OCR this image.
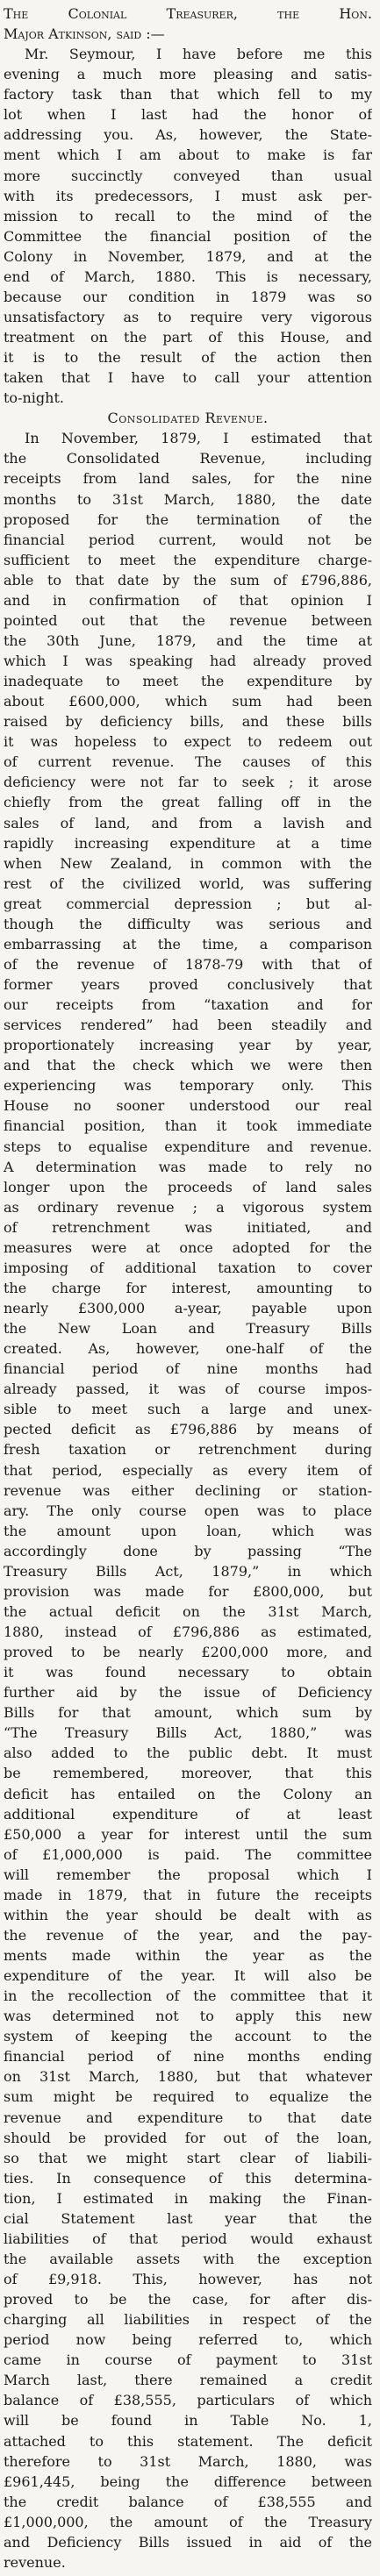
The Colonial Treasurer, the Hon.
Major Atkinson, said :—
Mr. Seymour, I have before me this
evening a much more pleasing and satis-
factory task than that which fell to my
lot when I last had the honor of
addressing you. As, however, the State-
ment which I am about to make is far
more succinctly conveyed than usual
with its predecessors, I must ask per-
mission to recall to the mind of the
Committee the financial position of the
Colony in November, 1879, and at the
end of March, 1880. This is necessary,
because our condition in 1879 was so
unsatisfactory as to require very vigorous
treatment on the part of this House, and
it is to the result of the action then
taken that I have to call your attention
to-night.
Consolidated Revenue.
In November, 1879, I estimated that
the Consolidated Revenue, including
receipts from land sales, for the nine
months to 31st March, 1880, the date
proposed for the termination of the
financial period current, would not be
sufficient to meet the expenditure charge-
able to that date by the sum of £796,886,
and in confirmation of that opinion I
pointed out that the revenue between
the 30th June, 1879, and the time at
which I was speaking had already proved
inadequate to meet the expenditure by
about £600,000, which sum had been
raised by deficiency bills, and these bills
it was hopeless to expect to redeem out
of current revenue. The causes of this
deficiency were not far to seek ; it arose
chiefly from the great falling off in the
sales of land, and from a lavish and
rapidly increasing expenditure at a time
when New Zealand, in common with the
rest of the civilized world, was suffering
great commercial depression ; but al-
though the difficulty was serious and
embarrassing at the time, a comparison
of the revenue of 1878-79 with that of
former years proved conclusively that
our receipts from “taxation and for
services rendered” had been steadily and
proportionately increasing year by year,
and that the check which we were then
experiencing was temporary only. This
House no sooner understood our real
financial position, than it took immediate
steps to equalise expenditure and revenue.
A determination was made to rely no
longer upon the proceeds of land sales
as ordinary revenue ; a vigorous system
of retrenchment was initiated, and
measures were at once adopted for the
imposing of additional taxation to cover
the charge for interest, amounting to
nearly £300,000 a-year, payable upon
the New Loan and Treasury Bills
created. As, however, one-half of the
financial period of nine months had
already passed, it was of course impos-
sible to meet such a large and unex-
pected deficit as £796,886 by means of
fresh taxation or retrenchment during
that period, especially as every item of
revenue was either declining or station-
ary. The only course open was to place
the amount upon loan, which was
accordingly done by passing “The
Treasury Bills Act, 1879,” in which
provision was made for £800,000, but
the actual deficit on the 31st March,
1880, instead of £796,886 as estimated,
proved to be nearly £200,000 more, and
it was found necessary to obtain
further aid by the issue of Deficiency
Bills for that amount, which sum by
“The Treasury Bills Act, 1880,” was
also added to the public debt. It must
be remembered, moreover, that this
deficit has entailed on the Colony an
additional expenditure of at least
£50,000 a year for interest until the sum
of £1,000,000 is paid. The committee
will remember the proposal which I
made in 1879, that in future the receipts
within the year should be dealt with as
the revenue of the year, and the pay-
ments made within the year as the
expenditure of the year. It will also be
in the recollection of the committee that it
was determined not to apply this new
system of keeping the account to the
financial period of nine months ending
on 31st March, 1880, but that whatever
sum might be required to equalize the
revenue and expenditure to that date
should be provided for out of the loan,
so that we might start clear of liabili-
ties. In consequence of this determina-
tion, I estimated in making the Finan-
cial Statement last year that the
liabilities of that period would exhaust
the available assets with the exception
of £9,918. This, however, has not
proved to be the case, for after dis-
charging all liabilities in respect of the
period now being referred to, which
came in course of payment to 31st
March last, there remained a credit
balance of £38,555, particulars of which
will be found in Table No. 1,
attached to this statement. The deficit
therefore to 31st March, 1880, was
£961,445, being the difference between
the credit balance of £38,555 and
£1,000,000, the amount of the Treasury
and Deficiency Bills issued in aid of the
revenue.
